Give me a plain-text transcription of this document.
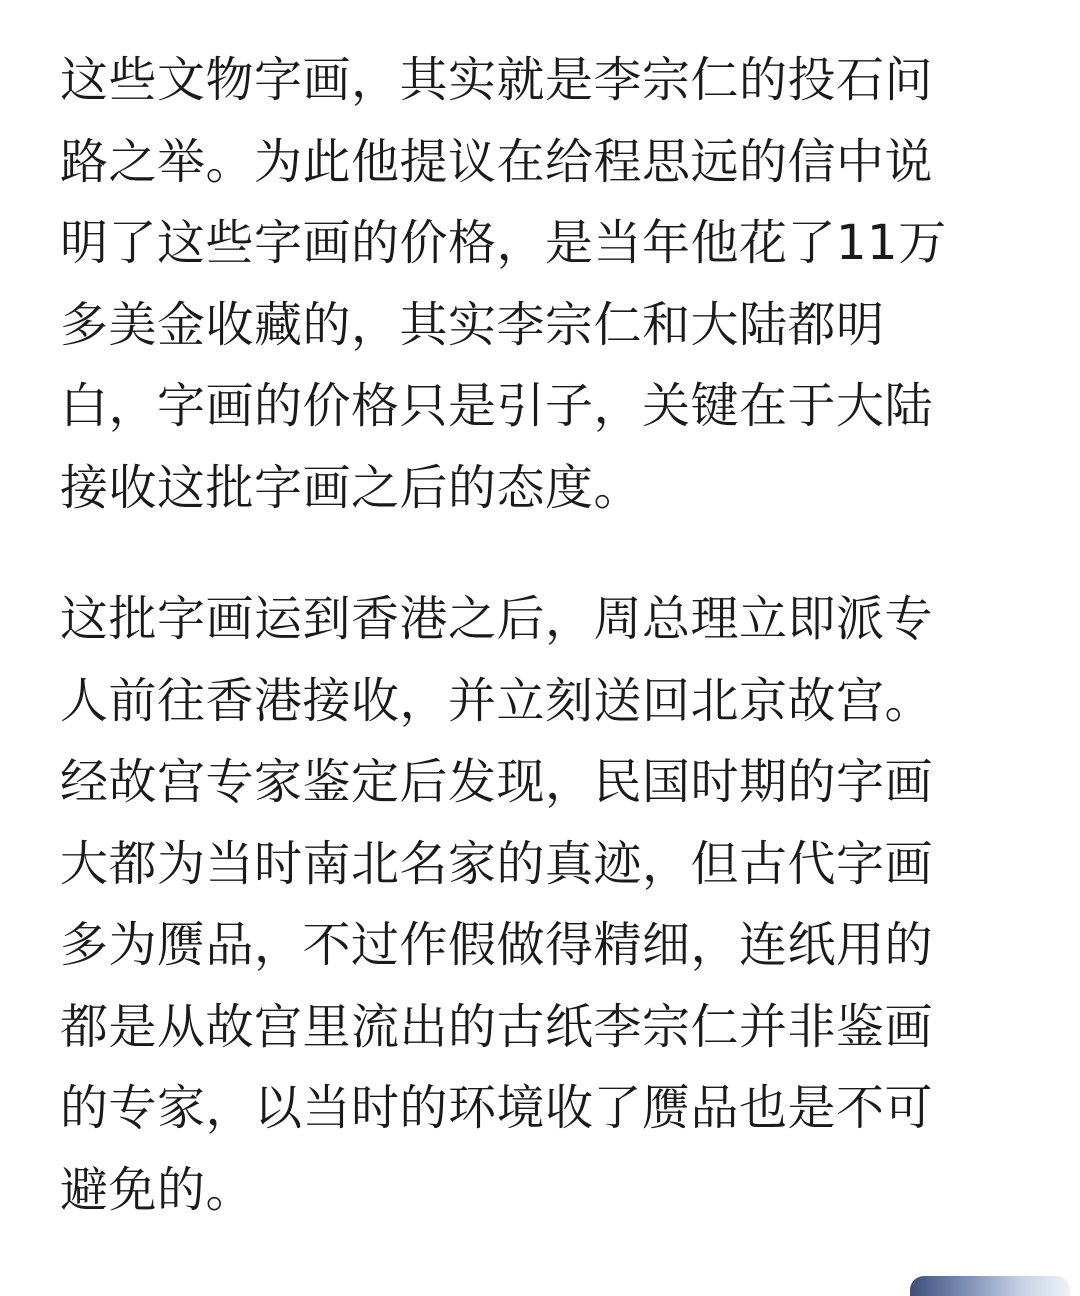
这些文物字画，其实就是李宗仁的投石问
路之举。为此他提议在给程思远的信中说
明了这些字画的价格，是当年他花了11万
多美金收藏的，其实李宗仁和大陆都明
白，字画的价格只是引子，关键在于大陆
接收这批字画之后的态度。
这批字画运到香港之后，周总理立即派专
人前往香港接收，并立刻送回北京故宫。
经故宫专家鉴定后发现，民国时期的字画
大都为当时南北名家的真迹，但古代字画
多为赝品，不过作假做得精细，连纸用的
都是从故宫里流出的古纸李宗仁并非鉴画
的专家，以当时的环境收了赝品也是不可
避免的。
